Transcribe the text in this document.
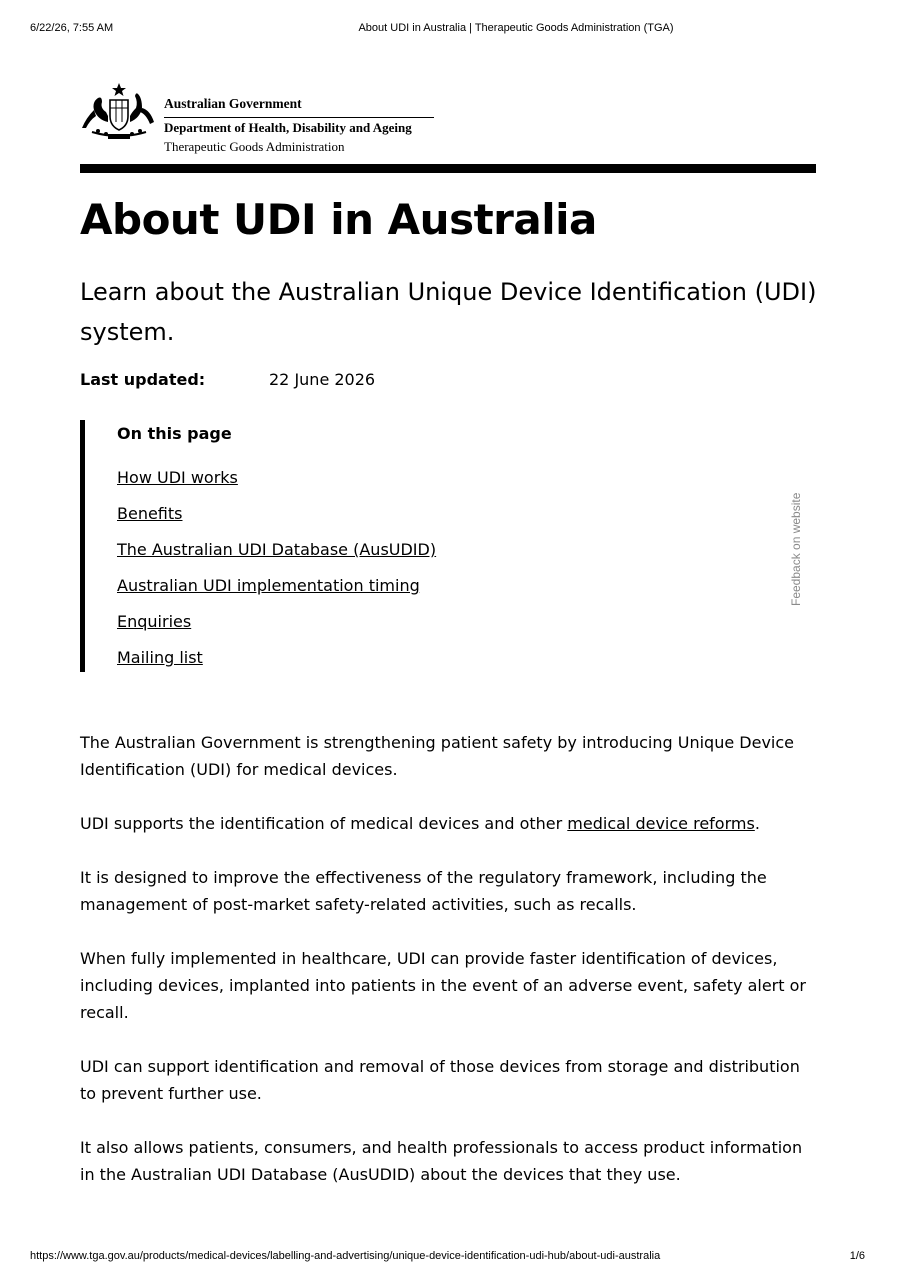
6/22/26, 7:55 AM	About UDI in Australia | Therapeutic Goods Administration (TGA)
Australian Government
Department of Health, Disability and Ageing
Therapeutic Goods Administration
About UDI in Australia

Learn about the Australian Unique Device Identification (UDI) system.

Last updated:	22 June 2026
On this page
How UDI works
Benefits
The Australian UDI Database (AusUDID)
Australian UDI implementation timing
Enquiries
Mailing list
Feedback on website

The Australian Government is strengthening patient safety by introducing Unique Device Identification (UDI) for medical devices.

UDI supports the identification of medical devices and other medical device reforms.

It is designed to improve the effectiveness of the regulatory framework, including the management of post-market safety-related activities, such as recalls.

When fully implemented in healthcare, UDI can provide faster identification of devices, including devices, implanted into patients in the event of an adverse event, safety alert or recall.

UDI can support identification and removal of those devices from storage and distribution to prevent further use.

It also allows patients, consumers, and health professionals to access product information in the Australian UDI Database (AusUDID) about the devices that they use.

https://www.tga.gov.au/products/medical-devices/labelling-and-advertising/unique-device-identification-udi-hub/about-udi-australia	1/6
